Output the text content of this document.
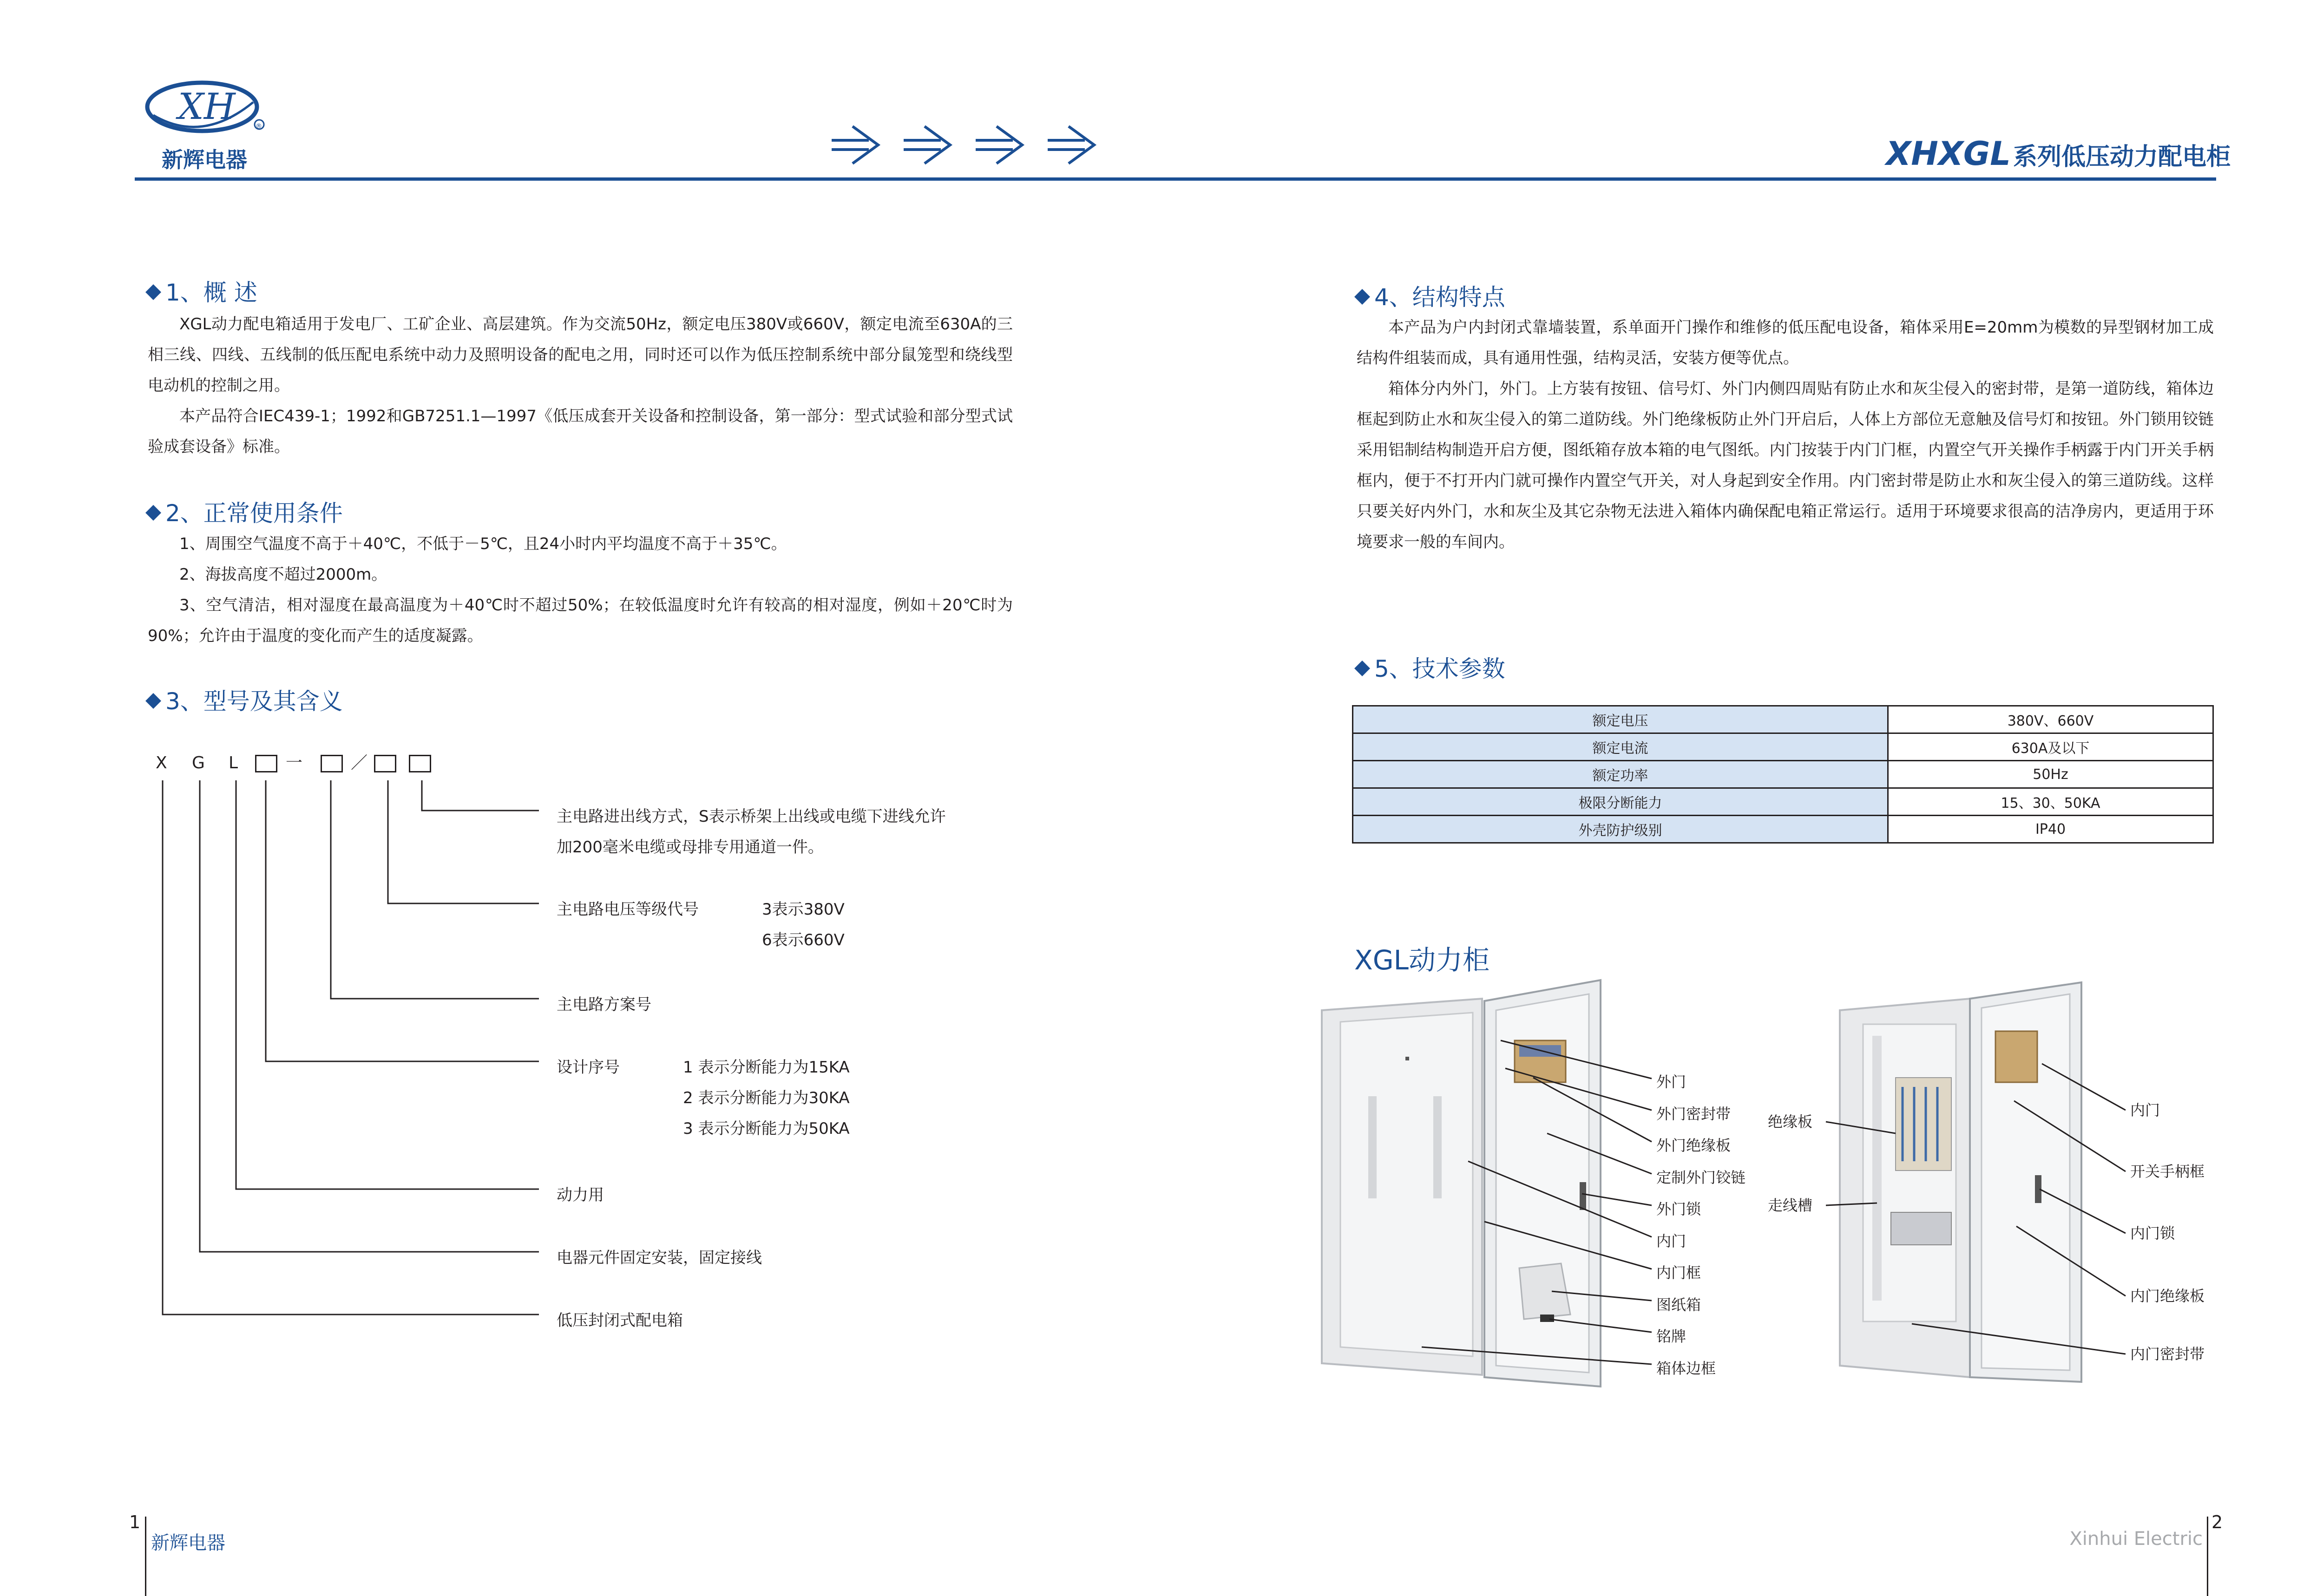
®
XH
新辉电器	XHXGL 系列低压动力配电柜
1、概 述

XGL动力配电箱适用于发电厂、工矿企业、高层建筑。作为交流50Hz，额定电压380V或660V，额定电流至630A的三相三线、四线、五线制的低压配电系统中动力及照明设备的配电之用，同时还可以作为低压控制系统中部分鼠笼型和绕线型电动机的控制之用。

本产品符合IEC439-1；1992和GB7251.1—1997《低压成套开关设备和控制设备，第一部分：型式试验和部分型式试验成套设备》标准。

2、正常使用条件

1、周围空气温度不高于＋40℃，不低于－5℃，且24小时内平均温度不高于＋35℃。

2、海拔高度不超过2000m。

3、空气清洁，相对湿度在最高温度为＋40℃时不超过50%；在较低温度时允许有较高的相对湿度，例如＋20℃时为90%；允许由于温度的变化而产生的适度凝露。

3、型号及其含义
X G L	一	／
主电路进出线方式，S表示桥架上出线或电缆下进线允许
加200毫米电缆或母排专用通道一件。
主电路电压等级代号	3表示380V
6表示660V
主电路方案号
设计序号	1 表示分断能力为15KA
2 表示分断能力为30KA
3 表示分断能力为50KA
动力用
电器元件固定安装，固定接线
低压封闭式配电箱
4、结构特点

本产品为户内封闭式靠墙装置，系单面开门操作和维修的低压配电设备，箱体采用E=20mm为模数的异型钢材加工成结构件组装而成，具有通用性强，结构灵活，安装方便等优点。

箱体分内外门，外门。上方装有按钮、信号灯、外门内侧四周贴有防止水和灰尘侵入的密封带，是第一道防线，箱体边框起到防止水和灰尘侵入的第二道防线。外门绝缘板防止外门开启后，人体上方部位无意触及信号灯和按钮。外门锁用铰链采用铝制结构制造开启方便，图纸箱存放本箱的电气图纸。内门按装于内门门框，内置空气开关操作手柄露于内门开关手柄框内，便于不打开内门就可操作内置空气开关，对人身起到安全作用。内门密封带是防止水和灰尘侵入的第三道防线。这样只要关好内外门，水和灰尘及其它杂物无法进入箱体内确保配电箱正常运行。适用于环境要求很高的洁净房内，更适用于环境要求一般的车间内。

5、技术参数
额定电压	380V、660V
额定电流	630A及以下
额定功率	50Hz
极限分断能力	15、30、50KA
外壳防护级别	IP40
XGL动力柜
外门
外门密封带
外门绝缘板
定制外门铰链
外门锁
内门
内门框
图纸箱
铭牌
箱体边框
绝缘板
走线槽
内门
开关手柄框
内门锁
内门绝缘板
内门密封带
1
新辉电器	Xinhui Electric
2
